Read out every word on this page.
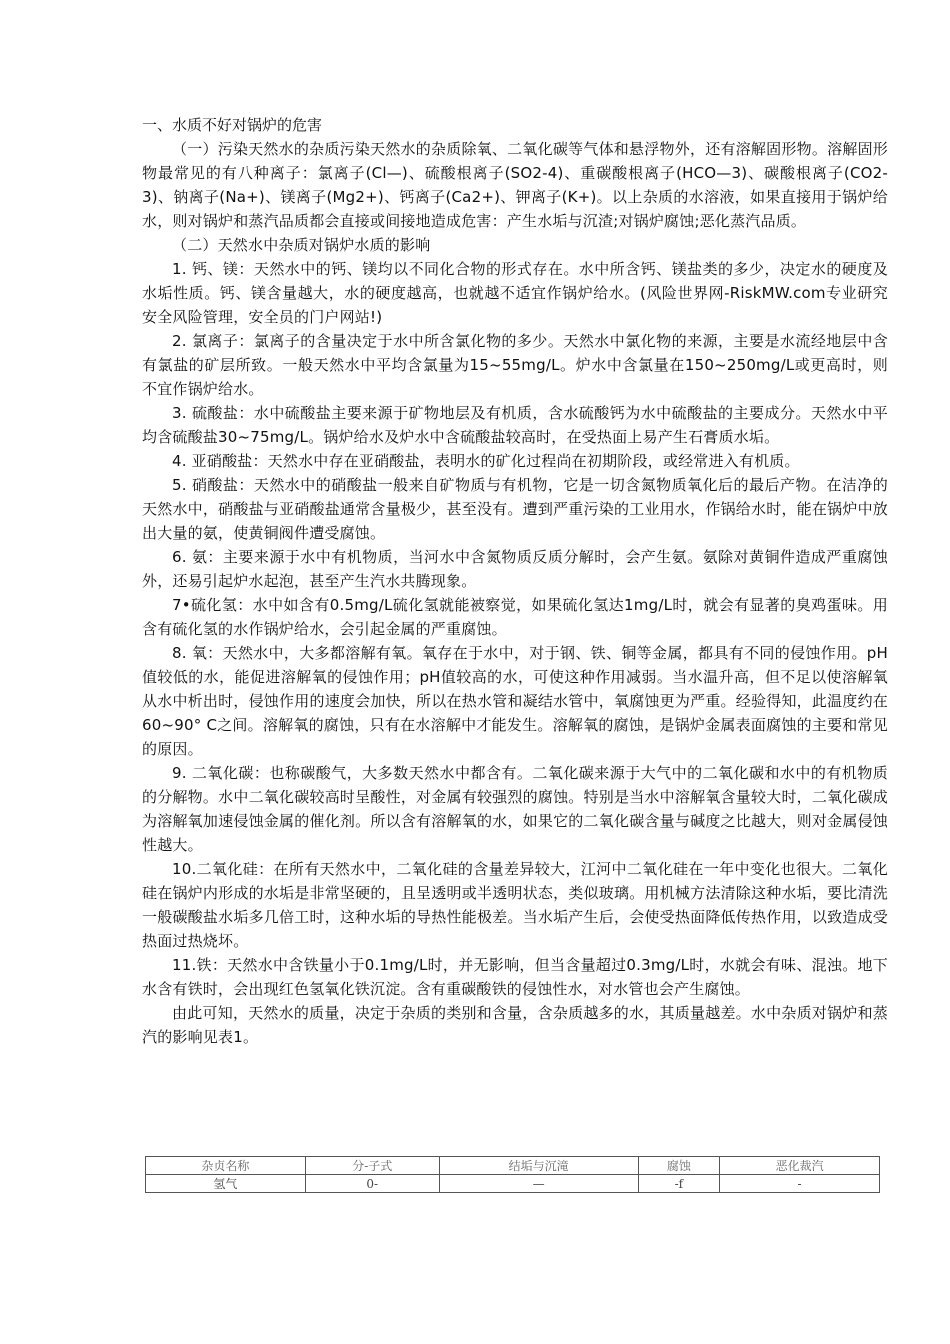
一、水质不好对锅炉的危害

（一）污染天然水的杂质污染天然水的杂质除氧、二氧化碳等气体和悬浮物外，还有溶解固形物。溶解固形物最常见的有八种离子：氯离子(Cl—)、硫酸根离子(SO2-4)、重碳酸根离子(HCO—3)、碳酸根离子(CO2-3)、钠离子(Na+)、镁离子(Mg2+)、钙离子(Ca2+)、钾离子(K+)。以上杂质的水溶液，如果直接用于锅炉给水，则对锅炉和蒸汽品质都会直接或间接地造成危害：产生水垢与沉渣;对锅炉腐蚀;恶化蒸汽品质。

（二）天然水中杂质对锅炉水质的影响

1. 钙、镁：天然水中的钙、镁均以不同化合物的形式存在。水中所含钙、镁盐类的多少，决定水的硬度及水垢性质。钙、镁含量越大，水的硬度越高，也就越不适宜作锅炉给水。(风险世界网-RiskMW.com专业研究安全风险管理，安全员的门户网站!)

2. 氯离子：氯离子的含量决定于水中所含氯化物的多少。天然水中氯化物的来源，主要是水流经地层中含有氯盐的矿层所致。一般天然水中平均含氯量为15~55mg/L。炉水中含氯量在150~250mg/L或更高时，则不宜作锅炉给水。

3. 硫酸盐：水中硫酸盐主要来源于矿物地层及有机质，含水硫酸钙为水中硫酸盐的主要成分。天然水中平均含硫酸盐30~75mg/L。锅炉给水及炉水中含硫酸盐较高时，在受热面上易产生石膏质水垢。

4. 亚硝酸盐：天然水中存在亚硝酸盐，表明水的矿化过程尚在初期阶段，或经常进入有机质。

5. 硝酸盐：天然水中的硝酸盐一般来自矿物质与有机物，它是一切含氮物质氧化后的最后产物。在洁净的天然水中，硝酸盐与亚硝酸盐通常含量极少，甚至没有。遭到严重污染的工业用水，作锅给水时，能在锅炉中放出大量的氨，使黄铜阀件遭受腐蚀。

6. 氨：主要来源于水中有机物质，当河水中含氮物质反质分解时，会产生氨。氨除对黄铜件造成严重腐蚀外，还易引起炉水起泡，甚至产生汽水共腾现象。

7•硫化氢：水中如含有0.5mg/L硫化氢就能被察觉，如果硫化氢达1mg/L时，就会有显著的臭鸡蛋味。用含有硫化氢的水作锅炉给水，会引起金属的严重腐蚀。

8. 氧：天然水中，大多都溶解有氧。氧存在于水中，对于钢、铁、铜等金属，都具有不同的侵蚀作用。pH值较低的水，能促进溶解氧的侵蚀作用；pH值较高的水，可使这种作用减弱。当水温升高，但不足以使溶解氧从水中析出时，侵蚀作用的速度会加快，所以在热水管和凝结水管中，氧腐蚀更为严重。经验得知，此温度约在60~90° C之间。溶解氧的腐蚀，只有在水溶解中才能发生。溶解氧的腐蚀，是锅炉金属表面腐蚀的主要和常见的原因。

9. 二氧化碳：也称碳酸气，大多数天然水中都含有。二氧化碳来源于大气中的二氧化碳和水中的有机物质的分解物。水中二氧化碳较高时呈酸性，对金属有较强烈的腐蚀。特别是当水中溶解氧含量较大时，二氧化碳成为溶解氧加速侵蚀金属的催化剂。所以含有溶解氧的水，如果它的二氧化碳含量与碱度之比越大，则对金属侵蚀性越大。

10.二氧化硅：在所有天然水中，二氧化硅的含量差异较大，江河中二氧化硅在一年中变化也很大。二氧化硅在锅炉内形成的水垢是非常坚硬的，且呈透明或半透明状态，类似玻璃。用机械方法清除这种水垢，要比清洗一般碳酸盐水垢多几倍工时，这种水垢的导热性能极差。当水垢产生后，会使受热面降低传热作用，以致造成受热面过热烧坏。

11.铁：天然水中含铁量小于0.1mg/L时，并无影响，但当含量超过0.3mg/L时，水就会有味、混浊。地下水含有铁时，会出现红色氢氧化铁沉淀。含有重碳酸铁的侵蚀性水，对水管也会产生腐蚀。

由此可知，天然水的质量，决定于杂质的类别和含量，含杂质越多的水，其质量越差。水中杂质对锅炉和蒸汽的影响见表1。

杂贞名称	分-子式	结垢与沉滝	腐蚀	恶化裁汽
氢气	0-	—	-f	-
